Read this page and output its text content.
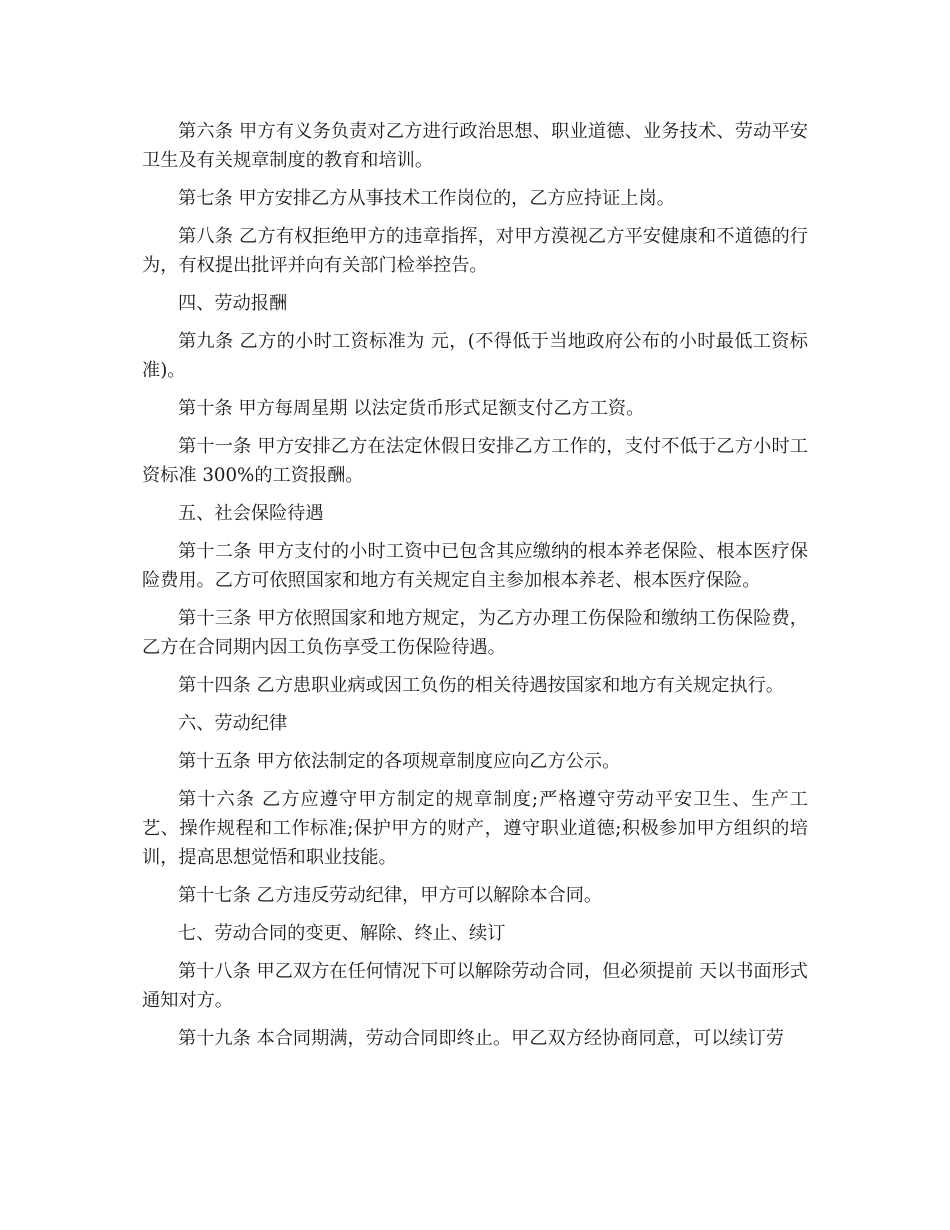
第六条 甲方有义务负责对乙方进行政治思想、职业道德、业务技术、劳动平安卫生及有关规章制度的教育和培训。

第七条 甲方安排乙方从事技术工作岗位的，乙方应持证上岗。

第八条 乙方有权拒绝甲方的违章指挥，对甲方漠视乙方平安健康和不道德的行为，有权提出批评并向有关部门检举控告。

四、劳动报酬

第九条 乙方的小时工资标准为 元，(不得低于当地政府公布的小时最低工资标准)。

第十条 甲方每周星期 以法定货币形式足额支付乙方工资。

第十一条 甲方安排乙方在法定休假日安排乙方工作的，支付不低于乙方小时工资标准 300%的工资报酬。

五、社会保险待遇

第十二条 甲方支付的小时工资中已包含其应缴纳的根本养老保险、根本医疗保险费用。乙方可依照国家和地方有关规定自主参加根本养老、根本医疗保险。

第十三条 甲方依照国家和地方规定，为乙方办理工伤保险和缴纳工伤保险费，乙方在合同期内因工负伤享受工伤保险待遇。

第十四条 乙方患职业病或因工负伤的相关待遇按国家和地方有关规定执行。

六、劳动纪律

第十五条 甲方依法制定的各项规章制度应向乙方公示。

第十六条 乙方应遵守甲方制定的规章制度;严格遵守劳动平安卫生、生产工艺、操作规程和工作标准;保护甲方的财产，遵守职业道德;积极参加甲方组织的培训，提高思想觉悟和职业技能。

第十七条 乙方违反劳动纪律，甲方可以解除本合同。

七、劳动合同的变更、解除、终止、续订

第十八条 甲乙双方在任何情况下可以解除劳动合同，但必须提前 天以书面形式通知对方。

第十九条 本合同期满，劳动合同即终止。甲乙双方经协商同意，可以续订劳
